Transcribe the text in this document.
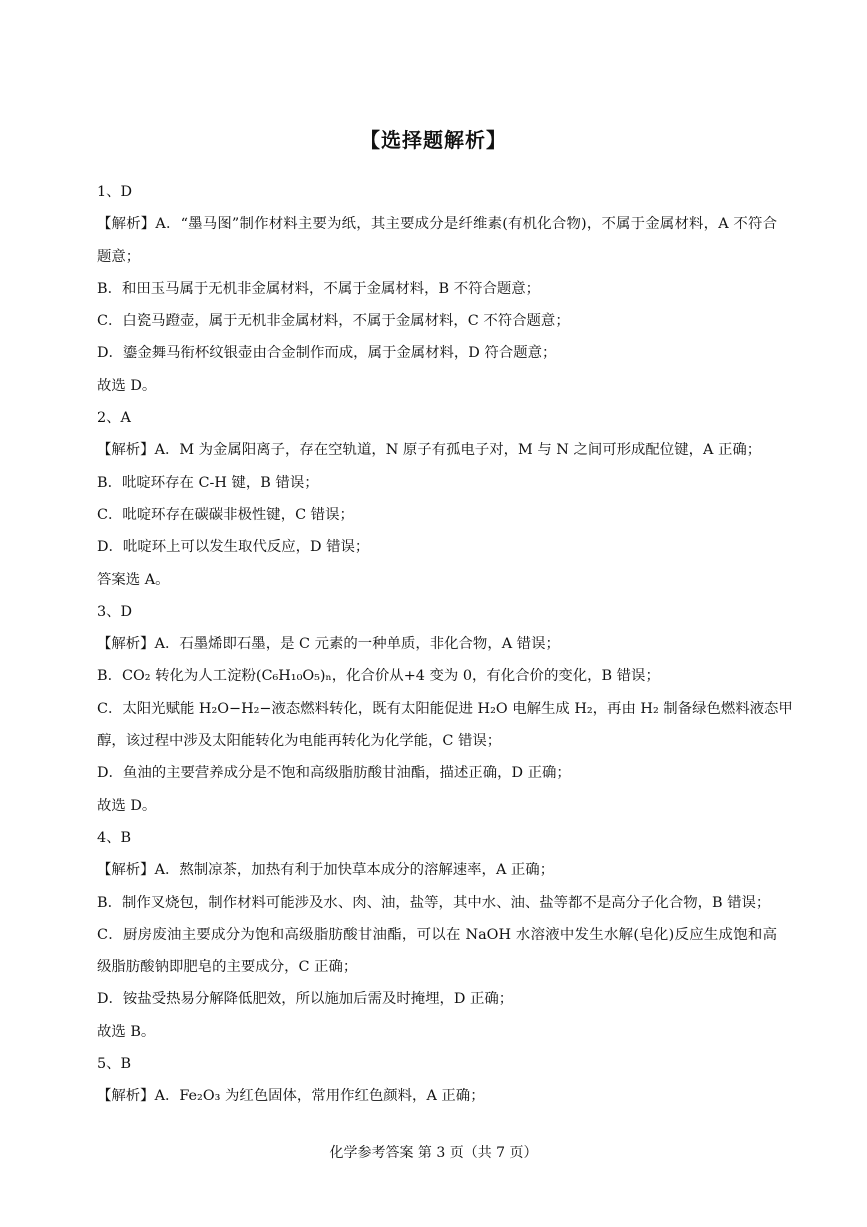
【选择题解析】
1、D
【解析】A．“墨马图”制作材料主要为纸，其主要成分是纤维素(有机化合物)，不属于金属材料，A 不符合
题意；
B．和田玉马属于无机非金属材料，不属于金属材料，B 不符合题意；
C．白瓷马蹬壶，属于无机非金属材料，不属于金属材料，C 不符合题意；
D．鎏金舞马衔杯纹银壶由合金制作而成，属于金属材料，D 符合题意；
故选 D。
2、A
【解析】A．M 为金属阳离子，存在空轨道，N 原子有孤电子对，M 与 N 之间可形成配位键，A 正确；
B．吡啶环存在 C-H 键，B 错误；
C．吡啶环存在碳碳非极性键，C 错误；
D．吡啶环上可以发生取代反应，D 错误；
答案选 A。
3、D
【解析】A．石墨烯即石墨，是 C 元素的一种单质，非化合物，A 错误；
B．CO₂ 转化为人工淀粉(C₆H₁₀O₅)ₙ，化合价从+4 变为 0，有化合价的变化，B 错误；
C．太阳光赋能 H₂O−H₂−液态燃料转化，既有太阳能促进 H₂O 电解生成 H₂，再由 H₂ 制备绿色燃料液态甲
醇，该过程中涉及太阳能转化为电能再转化为化学能，C 错误；
D．鱼油的主要营养成分是不饱和高级脂肪酸甘油酯，描述正确，D 正确；
故选 D。
4、B
【解析】A．熬制凉茶，加热有利于加快草本成分的溶解速率，A 正确；
B．制作叉烧包，制作材料可能涉及水、肉、油，盐等，其中水、油、盐等都不是高分子化合物，B 错误；
C．厨房废油主要成分为饱和高级脂肪酸甘油酯，可以在 NaOH 水溶液中发生水解(皂化)反应生成饱和高
级脂肪酸钠即肥皂的主要成分，C 正确；
D．铵盐受热易分解降低肥效，所以施加后需及时掩埋，D 正确；
故选 B。
5、B
【解析】A．Fe₂O₃ 为红色固体，常用作红色颜料，A 正确；
化学参考答案 第 3 页（共 7 页）
